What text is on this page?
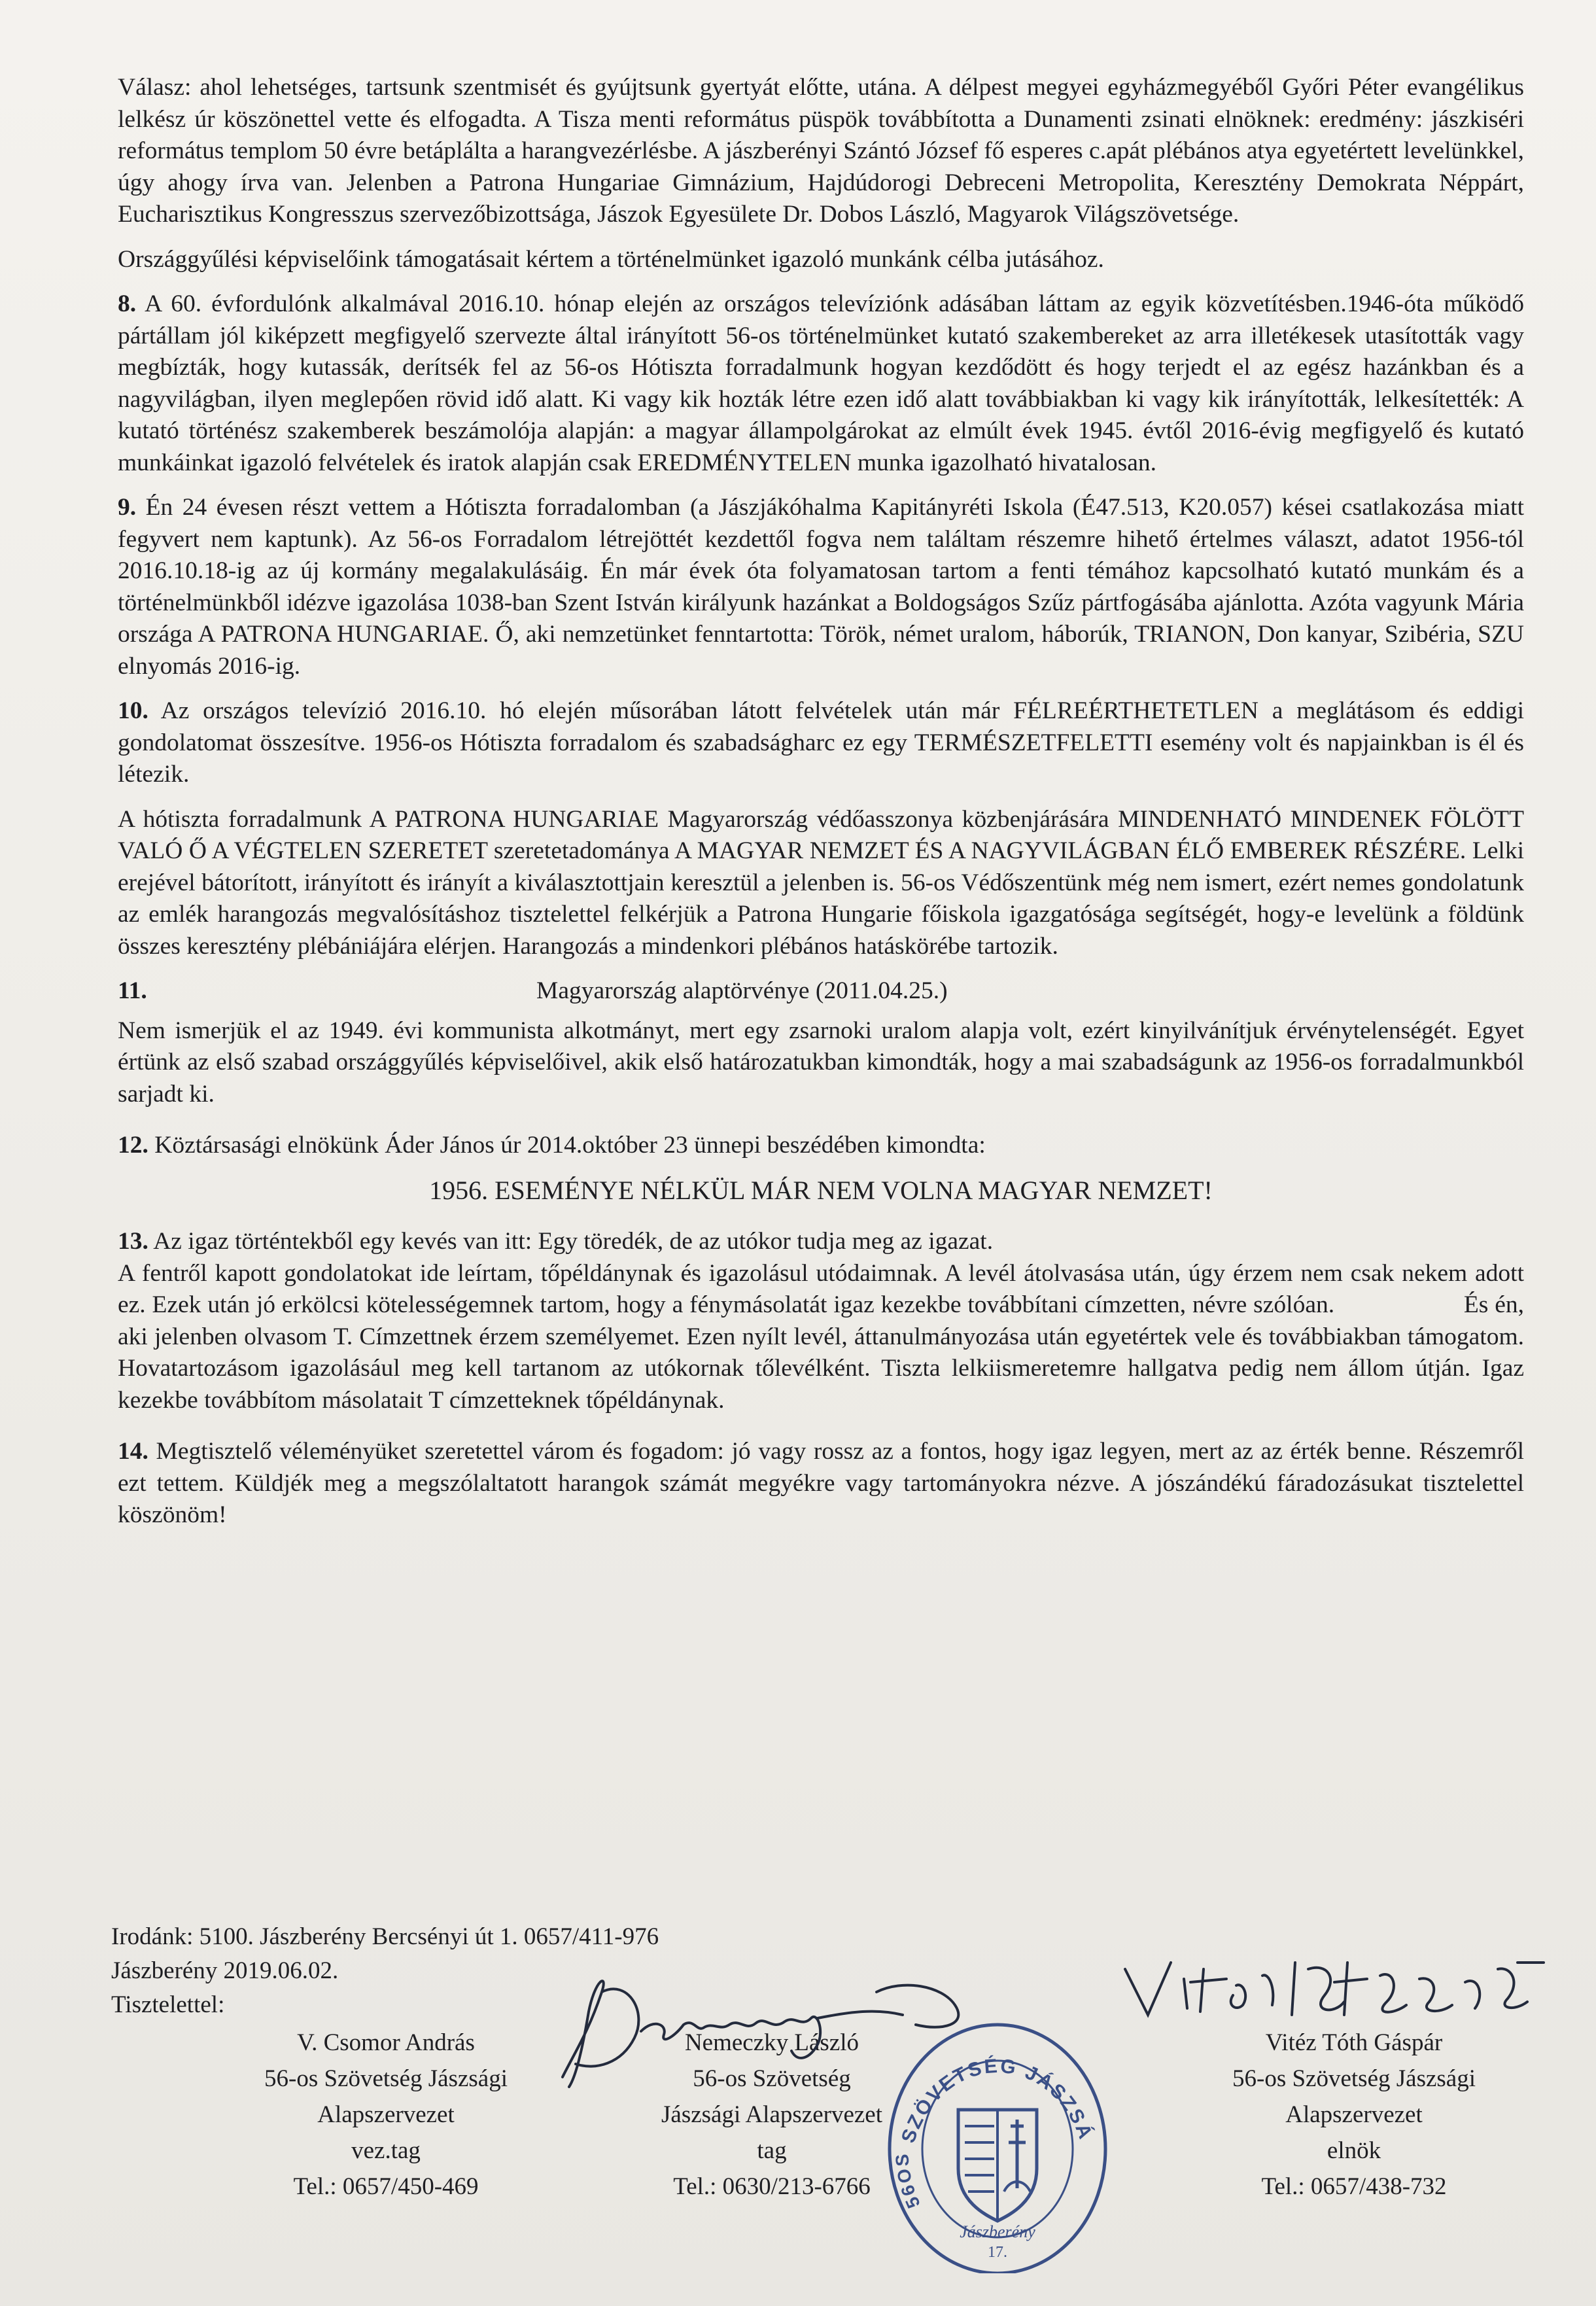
Válasz: ahol lehetséges, tartsunk szentmisét és gyújtsunk gyertyát előtte, utána. A délpest megyei egyházmegyéből Győri Péter evangélikus lelkész úr köszönettel vette és elfogadta. A Tisza menti református püspök továbbította a Dunamenti zsinati elnöknek: eredmény: jászkiséri református templom 50 évre betáplálta a harangvezérlésbe. A jászberényi Szántó József fő esperes c.apát plébános atya egyetértett levelünkkel, úgy ahogy írva van. Jelenben a Patrona Hungariae Gimnázium, Hajdúdorogi Debreceni Metropolita, Keresztény Demokrata Néppárt, Eucharisztikus Kongresszus szervezőbizottsága, Jászok Egyesülete Dr. Dobos László, Magyarok Világszövetsége.

Országgyűlési képviselőink támogatásait kértem a történelmünket igazoló munkánk célba jutásához.

8. A 60. évfordulónk alkalmával 2016.10. hónap elején az országos televíziónk adásában láttam az egyik közvetítésben.1946-óta működő pártállam jól kiképzett megfigyelő szervezte által irányított 56-os történelmünket kutató szakembereket az arra illetékesek utasították vagy megbízták, hogy kutassák, derítsék fel az 56-os Hótiszta forradalmunk hogyan kezdődött és hogy terjedt el az egész hazánkban és a nagyvilágban, ilyen meglepően rövid idő alatt. Ki vagy kik hozták létre ezen idő alatt továbbiakban ki vagy kik irányították, lelkesítették: A kutató történész szakemberek beszámolója alapján: a magyar állampolgárokat az elmúlt évek 1945. évtől 2016-évig megfigyelő és kutató munkáinkat igazoló felvételek és iratok alapján csak EREDMÉNYTELEN munka igazolható hivatalosan.

9. Én 24 évesen részt vettem a Hótiszta forradalomban (a Jászjákóhalma Kapitányréti Iskola (É47.513, K20.057) kései csatlakozása miatt fegyvert nem kaptunk). Az 56-os Forradalom létrejöttét kezdettől fogva nem találtam részemre hihető értelmes választ, adatot 1956-tól 2016.10.18-ig az új kormány megalakulásáig. Én már évek óta folyamatosan tartom a fenti témához kapcsolható kutató munkám és a történelmünkből idézve igazolása 1038-ban Szent István királyunk hazánkat a Boldogságos Szűz pártfogásába ajánlotta. Azóta vagyunk Mária országa A PATRONA HUNGARIAE. Ő, aki nemzetünket fenntartotta: Török, német uralom, háborúk, TRIANON, Don kanyar, Szibéria, SZU elnyomás 2016-ig.

10. Az országos televízió 2016.10. hó elején műsorában látott felvételek után már FÉLREÉRTHETETLEN a meglátásom és eddigi gondolatomat összesítve. 1956-os Hótiszta forradalom és szabadságharc ez egy TERMÉSZETFELETTI esemény volt és napjainkban is él és létezik.

A hótiszta forradalmunk A PATRONA HUNGARIAE Magyarország védőasszonya közbenjárására MINDENHATÓ MINDENEK FÖLÖTT VALÓ Ő A VÉGTELEN SZERETET szeretetadománya A MAGYAR NEMZET ÉS A NAGYVILÁGBAN ÉLŐ EMBEREK RÉSZÉRE. Lelki erejével bátorított, irányított és irányít a kiválasztottjain keresztül a jelenben is. 56-os Védőszentünk még nem ismert, ezért nemes gondolatunk az emlék harangozás megvalósításhoz tisztelettel felkérjük a Patrona Hungarie főiskola igazgatósága segítségét, hogy-e levelünk a földünk összes keresztény plébániájára elérjen. Harangozás a mindenkori plébános hatáskörébe tartozik.

11.	Magyarország alaptörvénye (2011.04.25.)

Nem ismerjük el az 1949. évi kommunista alkotmányt, mert egy zsarnoki uralom alapja volt, ezért kinyilvánítjuk érvénytelenségét. Egyet értünk az első szabad országgyűlés képviselőivel, akik első határozatukban kimondták, hogy a mai szabadságunk az 1956-os forradalmunkból sarjadt ki.

12. Köztársasági elnökünk Áder János úr 2014.október 23 ünnepi beszédében kimondta:

1956. ESEMÉNYE NÉLKÜL MÁR NEM VOLNA MAGYAR NEMZET!

13. Az igaz történtekből egy kevés van itt: Egy töredék, de az utókor tudja meg az igazat.

A fentről kapott gondolatokat ide leírtam, tőpéldánynak és igazolásul utódaimnak. A levél átolvasása után, úgy érzem nem csak nekem adott ez. Ezek után jó erkölcsi kötelességemnek tartom, hogy a fénymásolatát igaz kezekbe továbbítani címzetten, névre szólóan.                    És én, aki jelenben olvasom T. Címzettnek érzem személyemet. Ezen nyílt levél, áttanulmányozása után egyetértek vele és továbbiakban támogatom. Hovatartozásom igazolásául meg kell tartanom az utókornak tőlevélként. Tiszta lelkiismeretemre hallgatva pedig nem állom útján. Igaz kezekbe továbbítom másolatait T címzetteknek tőpéldánynak.

14. Megtisztelő véleményüket szeretettel várom és fogadom: jó vagy rossz az a fontos, hogy igaz legyen, mert az az érték benne. Részemről ezt tettem. Küldjék meg a megszólaltatott harangok számát megyékre vagy tartományokra nézve. A jószándékú fáradozásukat tisztelettel köszönöm!

Irodánk: 5100. Jászberény Bercsényi út 1. 0657/411-976
Jászberény 2019.06.02.
Tisztelettel:
V. Csomor András
56-os Szövetség Jászsági
Alapszervezet
vez.tag
Tel.: 0657/450-469
Nemeczky László
56-os Szövetség
Jászsági Alapszervezet
tag
Tel.: 0630/213-6766
Vitéz Tóth Gáspár
56-os Szövetség Jászsági
Alapszervezet
elnök
Tel.: 0657/438-732
SZÖVETSÉG JÁSZSÁ
56OS
Jászberény
17.
